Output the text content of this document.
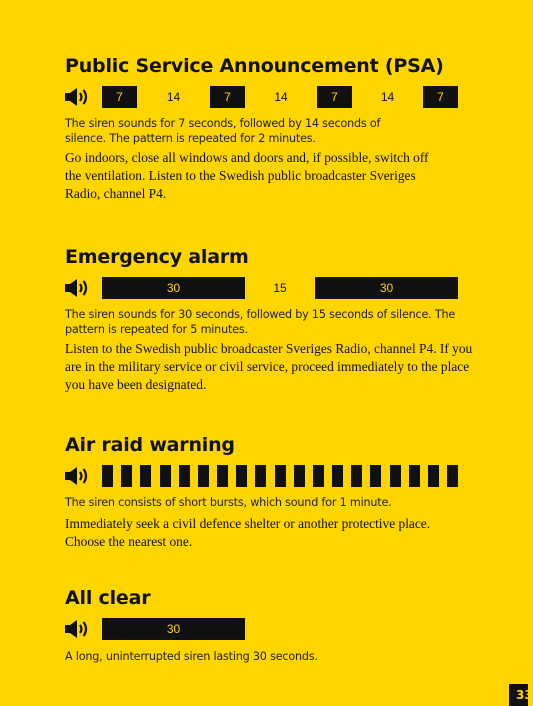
Public Service Announcement (PSA)
7	14	7	14	7	14	7

The siren sounds for 7 seconds, followed by 14 seconds of silence. The pattern is repeated for 2 minutes.

Go indoors, close all windows and doors and, if possible, switch off the ventilation. Listen to the Swedish public broadcaster Sveriges Radio, channel P4.

Emergency alarm
30	15	30

The siren sounds for 30 seconds, followed by 15 seconds of silence. The pattern is repeated for 5 minutes.

Listen to the Swedish public broadcaster Sveriges Radio, channel P4. If you are in the military service or civil service, proceed immediately to the place you have been designated.

Air raid warning

The siren consists of short bursts, which sound for 1 minute.

Immediately seek a civil defence shelter or another protective place. Choose the nearest one.

All clear
30

A long, uninterrupted siren lasting 30 seconds.

33
